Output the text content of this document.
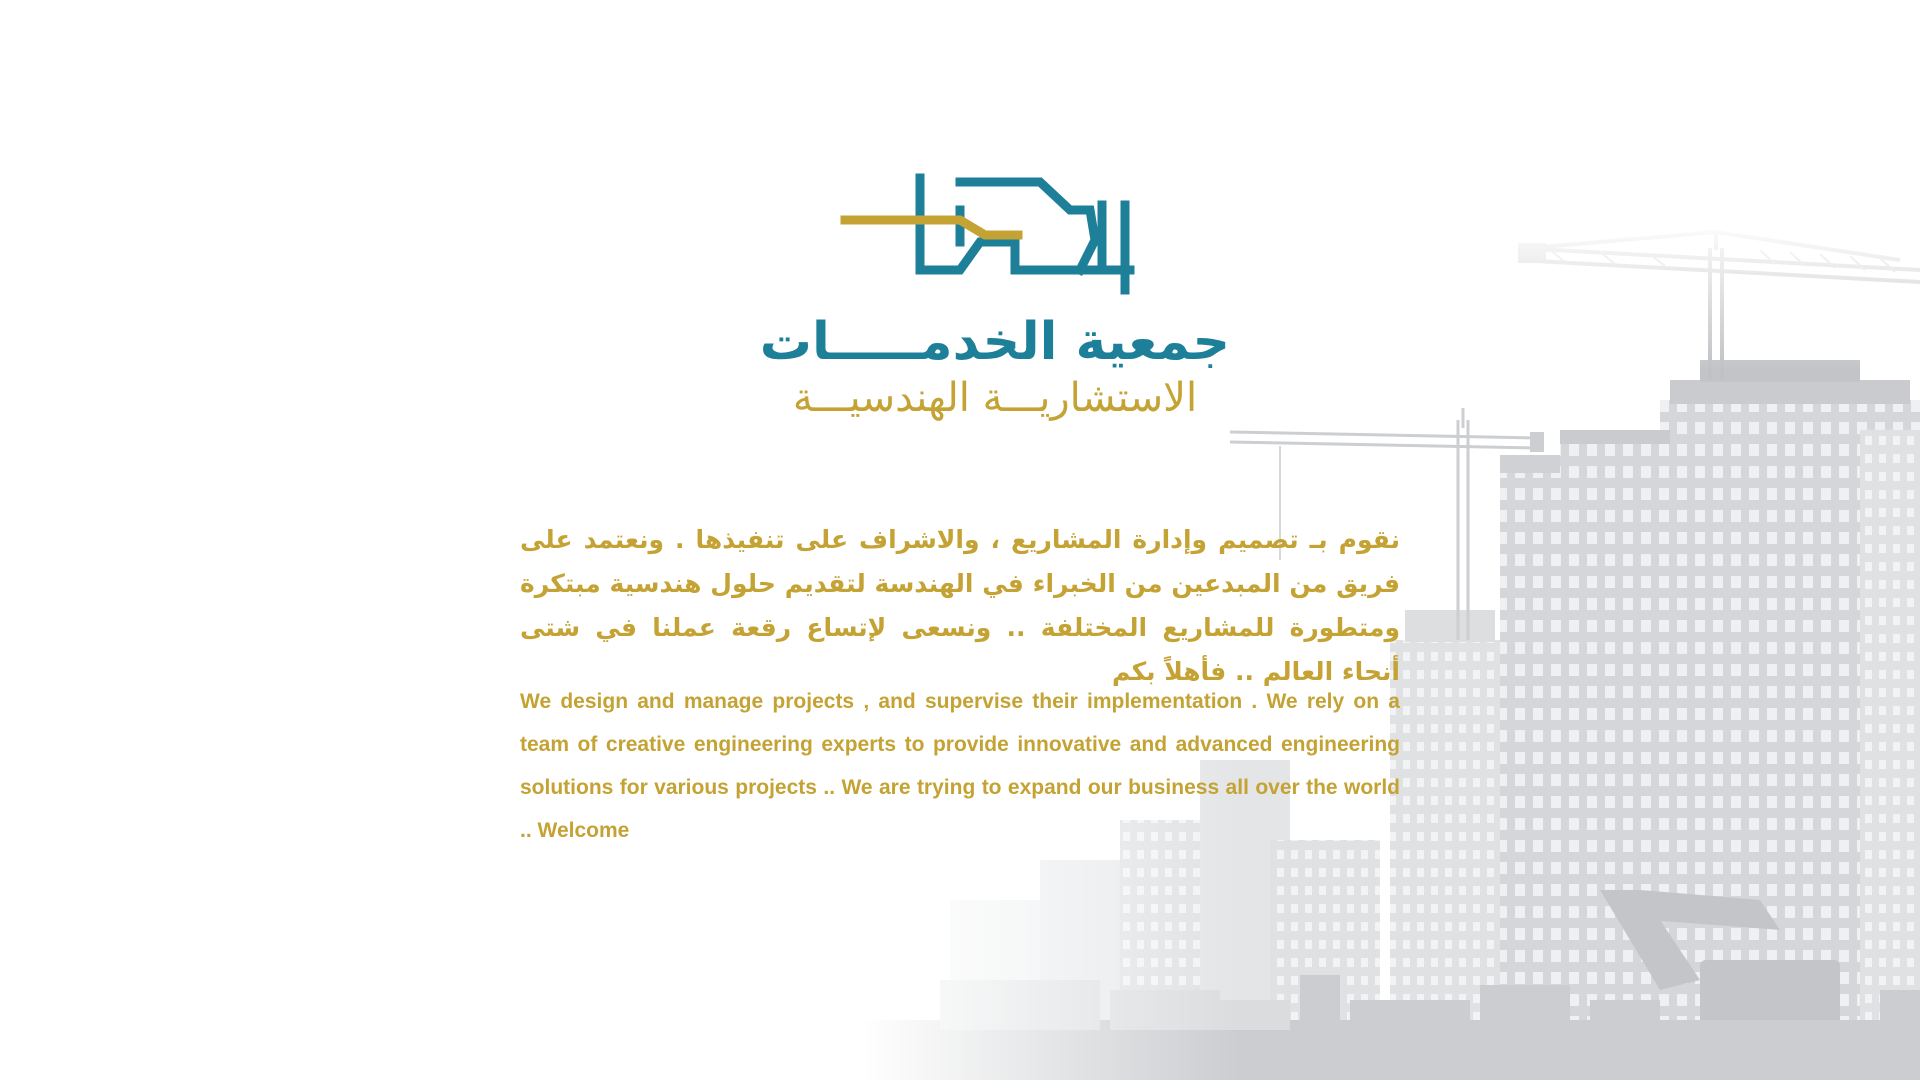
جمعية الخدمـــــات
الاستشاريـــة الهندسيـــة
نقوم بـ تصميم وإدارة المشاريع ، والاشراف على تنفيذها . ونعتمد على فريق من المبدعين من الخبراء في الهندسة لتقديم حلول هندسية مبتكرة ومتطورة للمشاريع المختلفة .. ونسعى لإتساع رقعة عملنا في شتى أنحاء العالم .. فأهلاً بكم
We design and manage projects , and supervise their implementation . We rely on a team of creative engineering experts to provide innovative and advanced engineering solutions for various projects .. We are trying to expand our business all over the world .. Welcome
